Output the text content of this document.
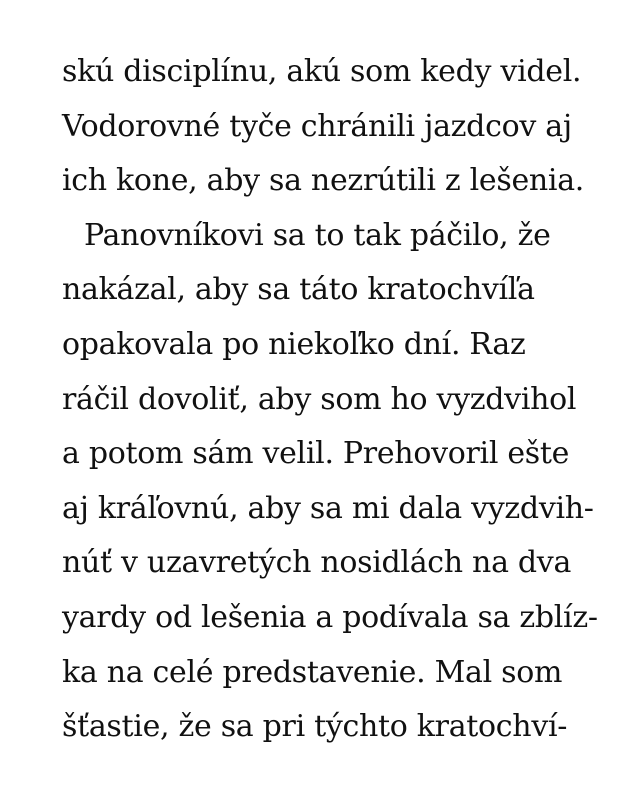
skú disciplínu, akú som kedy videl.
Vodorovné tyče chránili jazdcov aj
ich kone, aby sa nezrútili z lešenia.
Panovníkovi sa to tak páčilo, že
nakázal, aby sa táto kratochvíľa
opakovala po niekoľko dní. Raz
ráčil dovoliť, aby som ho vyzdvihol
a potom sám velil. Prehovoril ešte
aj kráľovnú, aby sa mi dala vyzdvih-
núť v uzavretých nosidlách na dva
yardy od lešenia a podívala sa zblíz-
ka na celé predstavenie. Mal som
šťastie, že sa pri týchto kratochví-
